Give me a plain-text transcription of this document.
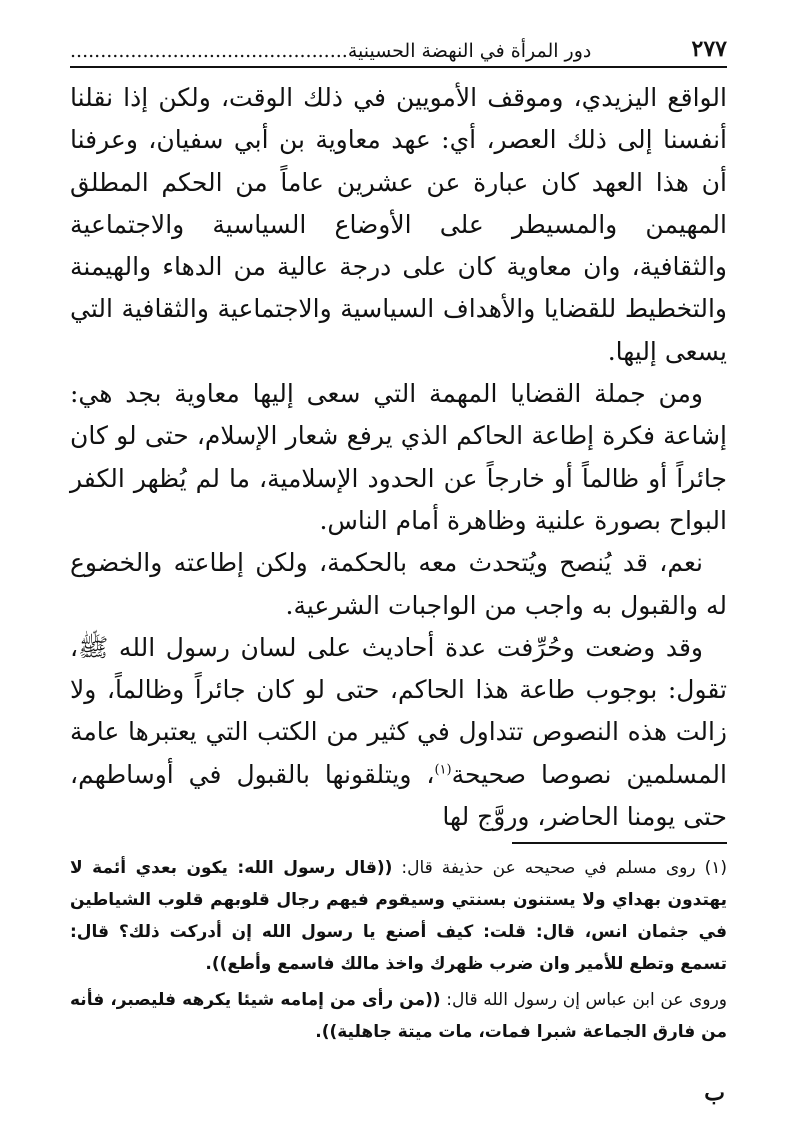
٢٧٧
دور المرأة في النهضة الحسينية..............................................

الواقع اليزيدي، وموقف الأمويين في ذلك الوقت، ولكن إذا نقلنا أنفسنا إلى ذلك العصر، أي: عهد معاوية بن أبي سفيان، وعرفنا أن هذا العهد كان عبارة عن عشرين عاماً من الحكم المطلق المهيمن والمسيطر على الأوضاع السياسية والاجتماعية والثقافية، وان معاوية كان على درجة عالية من الدهاء والهيمنة والتخطيط للقضايا والأهداف السياسية والاجتماعية والثقافية التي يسعى إليها.

ومن جملة القضايا المهمة التي سعى إليها معاوية بجد هي: إشاعة فكرة إطاعة الحاكم الذي يرفع شعار الإسلام، حتى لو كان جائراً أو ظالماً أو خارجاً عن الحدود الإسلامية، ما لم يُظهر الكفر البواح بصورة علنية وظاهرة أمام الناس.

نعم، قد يُنصح ويُتحدث معه بالحكمة، ولكن إطاعته والخضوع له والقبول به واجب من الواجبات الشرعية.

وقد وضعت وحُرِّفت عدة أحاديث على لسان رسول الله ﷺ، تقول: بوجوب طاعة هذا الحاكم، حتى لو كان جائراً وظالماً، ولا زالت هذه النصوص تتداول في كثير من الكتب التي يعتبرها عامة المسلمين نصوصا صحيحة$^{(١)}$، ويتلقونها بالقبول في أوساطهم، حتى يومنا الحاضر، وروَّج لها

(١) روى مسلم في صحيحه عن حذيفة قال: ((قال رسول الله: يكون بعدي أئمة لا يهتدون بهداي ولا يستنون بسنتي وسيقوم فيهم رجال قلوبهم قلوب الشياطين في جثمان انس، قال: قلت: كيف أصنع يا رسول الله إن أدركت ذلك؟ قال: تسمع وتطع للأمير وان ضرب ظهرك واخذ مالك فاسمع وأطع)).

وروى عن ابن عباس إن رسول الله قال: ((من رأى من إمامه شيئا يكرهه فليصبر، فأنه من فارق الجماعة شبرا فمات، مات ميتة جاهلية)).

ب
